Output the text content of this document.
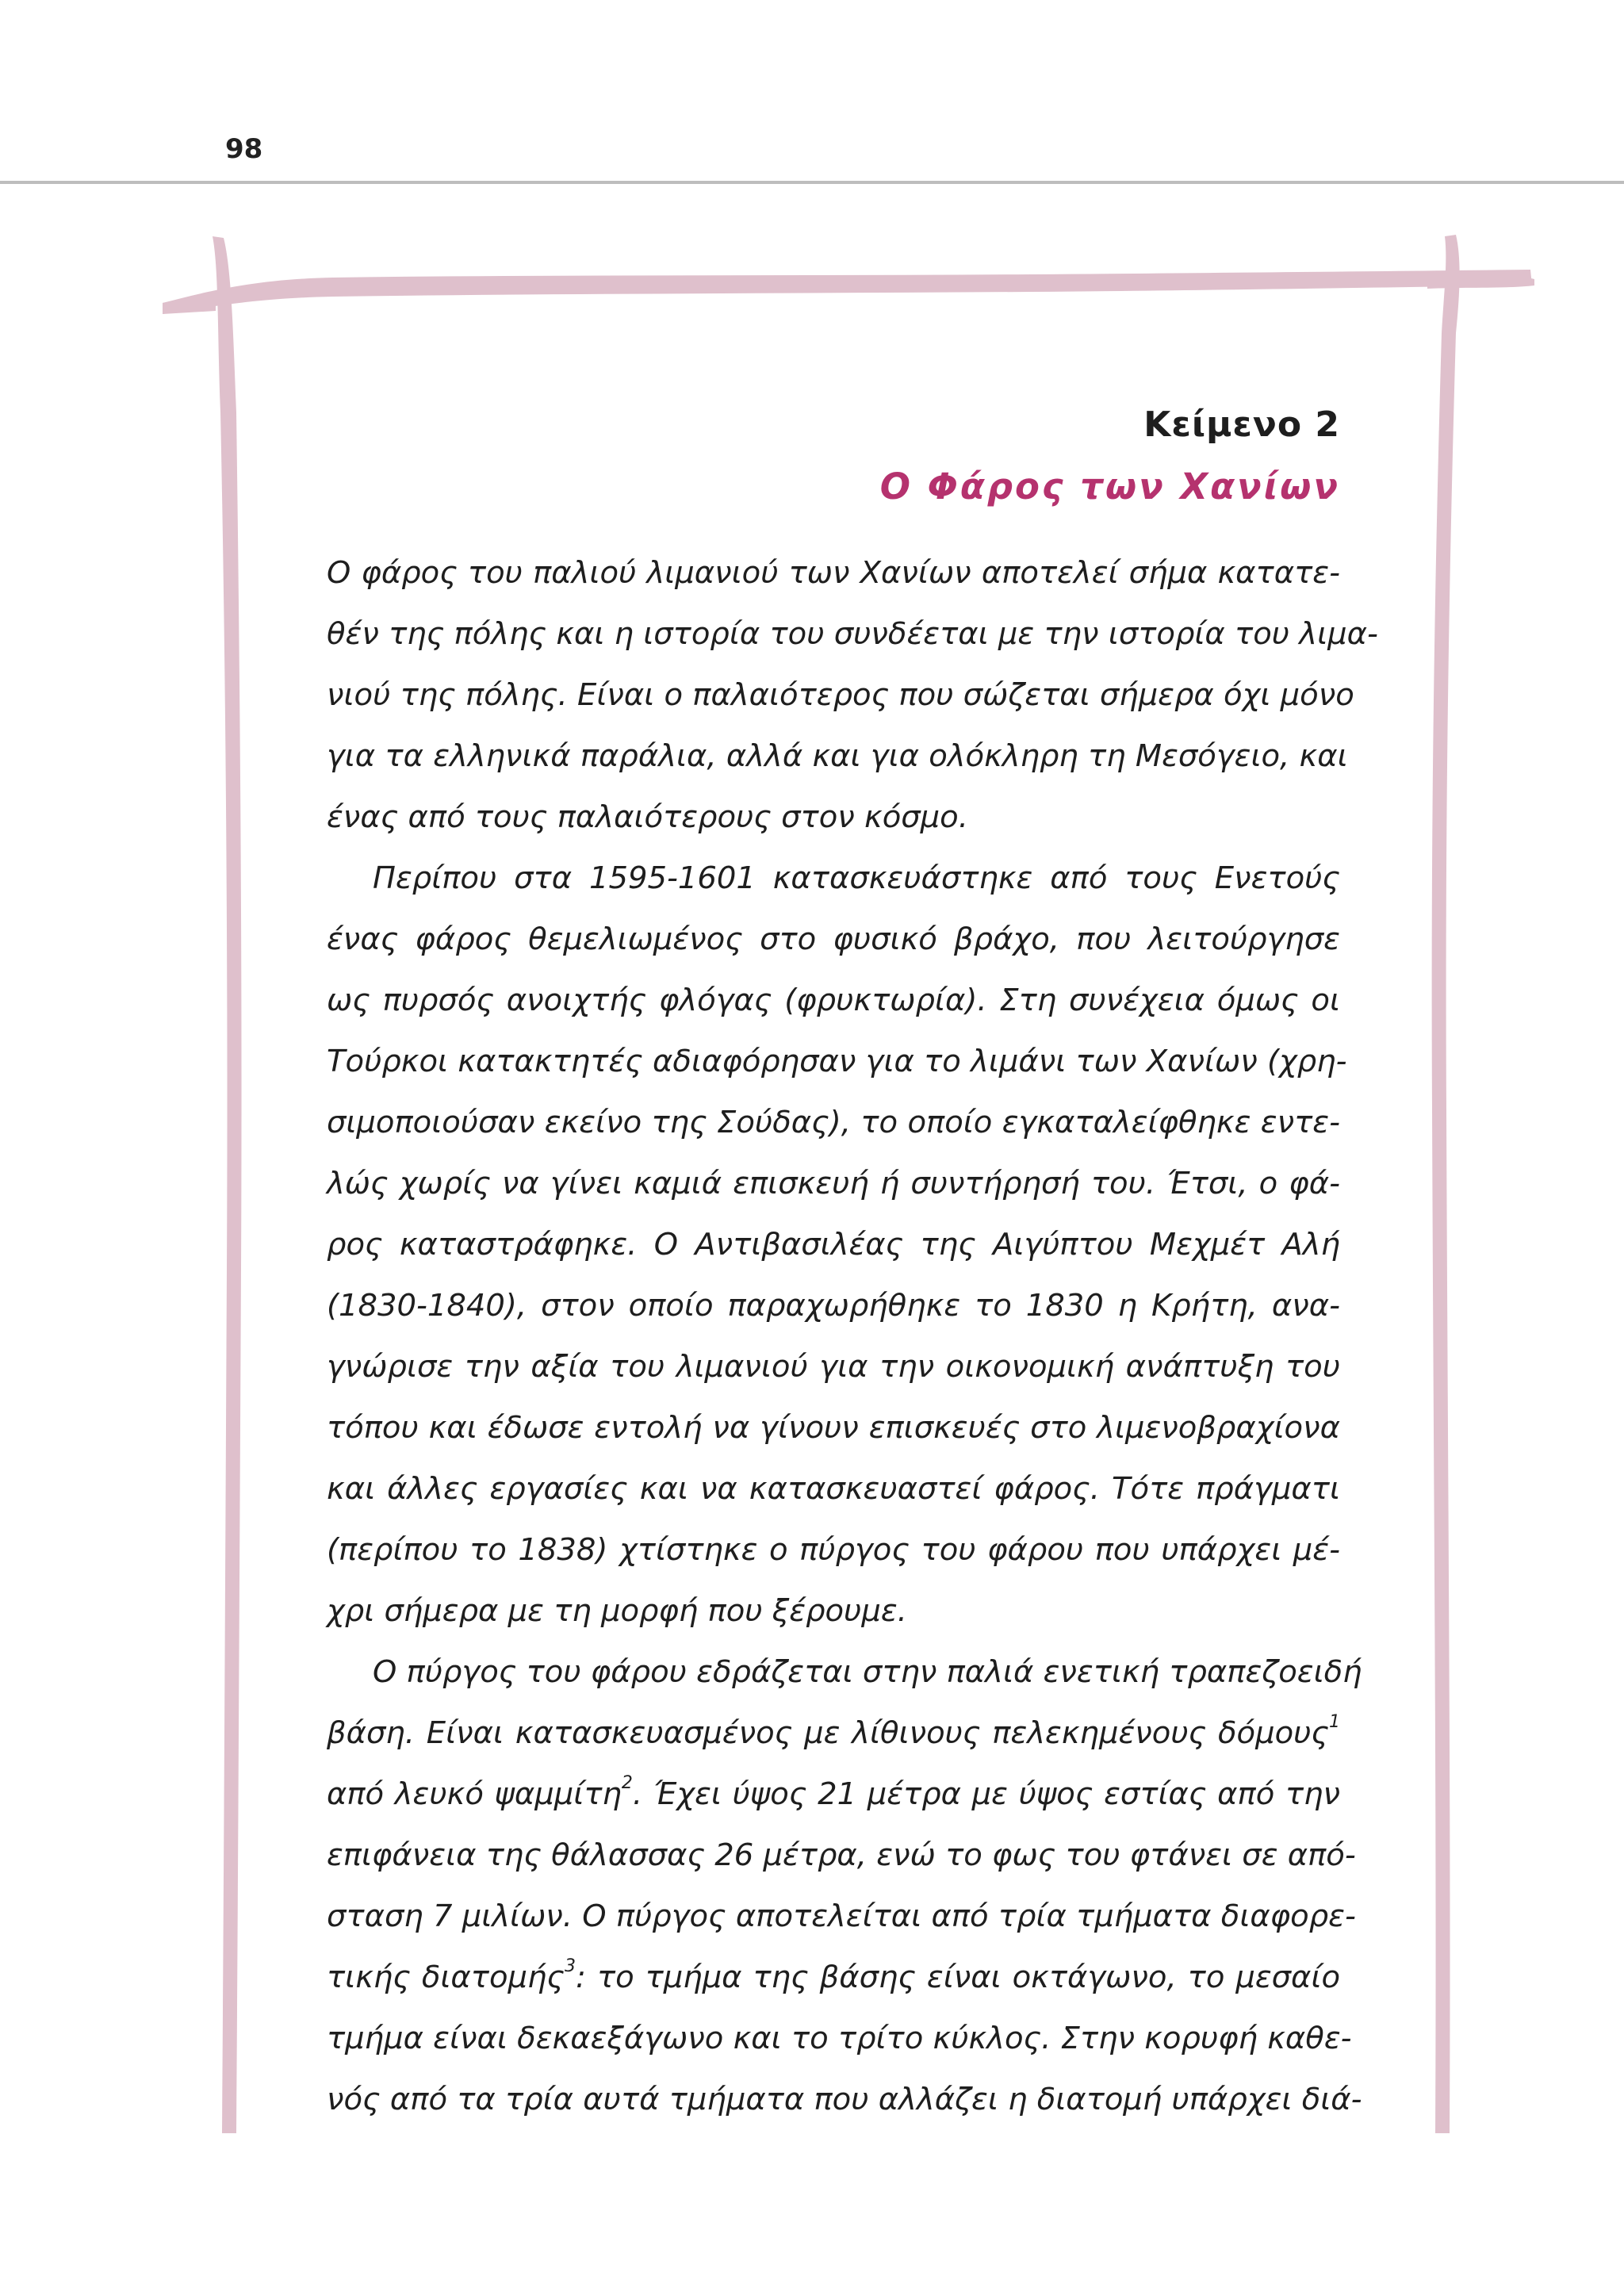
98
Κείμενο 2
Ο Φάρος των Χανίων

Ο φάρος του παλιού λιμανιού των Χανίων αποτελεί σήμα κατατε-
θέν της πόλης και η ιστορία του συνδέεται με την ιστορία του λιμα-
νιού της πόλης. Είναι ο παλαιότερος που σώζεται σήμερα όχι μόνο
για τα ελληνικά παράλια, αλλά και για ολόκληρη τη Μεσόγειο, και
ένας από τους παλαιότερους στον κόσμο.

Περίπου στα 1595-1601 κατασκευάστηκε από τους Ενετούς
ένας φάρος θεμελιωμένος στο φυσικό βράχο, που λειτούργησε
ως πυρσός ανοιχτής φλόγας (φρυκτωρία). Στη συνέχεια όμως οι
Τούρκοι κατακτητές αδιαφόρησαν για το λιμάνι των Χανίων (χρη-
σιμοποιούσαν εκείνο της Σούδας), το οποίο εγκαταλείφθηκε εντε-
λώς χωρίς να γίνει καμιά επισκευή ή συντήρησή του. Έτσι, ο φά-
ρος καταστράφηκε. Ο Αντιβασιλέας της Αιγύπτου Μεχμέτ Αλή
(1830-1840), στον οποίο παραχωρήθηκε το 1830 η Κρήτη, ανα-
γνώρισε την αξία του λιμανιού για την οικονομική ανάπτυξη του
τόπου και έδωσε εντολή να γίνουν επισκευές στο λιμενοβραχίονα
και άλλες εργασίες και να κατασκευαστεί φάρος. Τότε πράγματι
(περίπου το 1838) χτίστηκε ο πύργος του φάρου που υπάρχει μέ-
χρι σήμερα με τη μορφή που ξέρουμε.

Ο πύργος του φάρου εδράζεται στην παλιά ενετική τραπεζοειδή
βάση. Είναι κατασκευασμένος με λίθινους πελεκημένους δόμους$^1$
από λευκό ψαμμίτη$^2$. Έχει ύψος 21 μέτρα με ύψος εστίας από την
επιφάνεια της θάλασσας 26 μέτρα, ενώ το φως του φτάνει σε από-
σταση 7 μιλίων. Ο πύργος αποτελείται από τρία τμήματα διαφορε-
τικής διατομής$^3$: το τμήμα της βάσης είναι οκτάγωνο, το μεσαίο
τμήμα είναι δεκαεξάγωνο και το τρίτο κύκλος. Στην κορυφή καθε-
νός από τα τρία αυτά τμήματα που αλλάζει η διατομή υπάρχει διά-
